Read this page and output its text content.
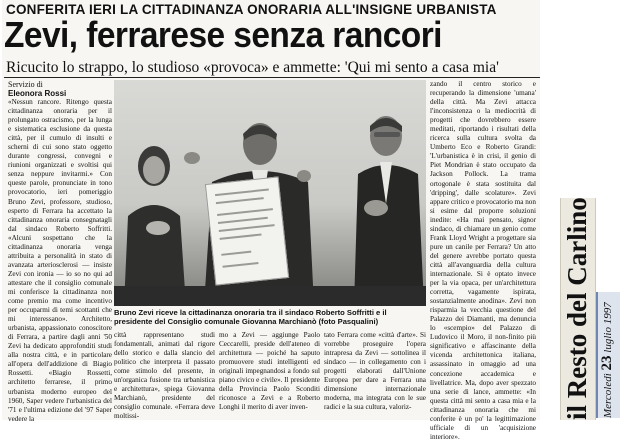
CONFERITA IERI LA CITTADINANZA ONORARIA ALL'INSIGNE URBANISTA
Zevi, ferrarese senza rancori
Ricucito lo strappo, lo studioso «provoca» e ammette: 'Qui mi sento a casa mia'
Servizio di
Eleonora Rossi
«Nessun rancore. Ritengo questa cittadinanza onoraria per il prolungato ostracismo, per la lunga e sistematica esclusione da questa città, per il cumulo di insulti e scherni di cui sono stato oggetto durante congressi, convegni e riunioni organizzati e svoltisi qui senza neppure invitarmi.» Con queste parole, pronunciate in tono provocatorio, ieri pomeriggio Bruno Zevi, professore, studioso, esperto di Ferrara ha accettato la cittadinanza onoraria consegnatagli dal sindaco Roberto Soffritti. «Alcuni sospettano che la cittadinanza onoraria venga attribuita a personalità in stato di avanzata arteriosclerosi — insiste Zevi con ironia — io so no qui ad attestare che il consiglio comunale mi conferisce la cittadinanza non come premio ma come incentivo per occuparmi di temi scottanti che mi interessano». Architetto, urbanista, appassionato conoscitore di Ferrara, a partire dagli anni '50 Zevi ha dedicato approfonditi studi alla nostra città, e in particolare all'opera dell'addizione di Biagio Rossetti. «Biagio Rossetti, architetto ferrarese, il primo urbanista moderno europeo del 1960, Saper vedere l'urbanistica del '71 e l'ultima edizione del '97 Saper vedere la
Bruno Zevi riceve la cittadinanza onoraria tra il sindaco Roberto Soffritti e il presidente del Consiglio comunale Giovanna Marchianò (foto Pasqualini)
città rappresentano studi fondamentali, animati dal rigore dello storico e dalla slancio del politico che interpreta il passato come stimolo del presente, in un'organica fusione tra urbanistica e architettura», spiega Giovanna Marchianò, presidente del consiglio comunale. «Ferrara deve moltissi-
mo a Zevi — aggiunge Paolo Ceccarelli, preside dell'ateneo di architettura — poiché ha saputo promuovere studi intelligenti ed originali impegnandosi a fondo sul piano civico e civile». Il presidente della Provincia Paolo Sconditi riconosce a Zevi e a Roberto Longhi il merito di aver inven-
tato Ferrara come «città d'arte». Si vorrebbe proseguire l'opera intrapresa da Zevi — sottolinea il sindaco — in collegamento con i progetti elaborati dall'Unione Europea per dare a Ferrara una dimensione internazionale moderna, ma integrata con le sue radici e la sua cultura, valoriz-
zando il centro storico e recuperando la dimensione 'umana' della città. Ma Zevi attacca l'inconsistenza o la mediocrità di progetti che dovrebbero essere meditati, riportando i risultati della ricerca sulla cultura svolta da Umberto Eco e Roberto Grandi: 'L'urbanistica è in crisi, il genio di Piet Mondrian è stato occupato da Jackson Pollock. La trama ortogonale è stata sostituita dal 'dripping', dalle scolature». Zevi appare critico e provocatorio ma non si esime dal proporre soluzioni inedite: «Ha mai pensato, signor sindaco, di chiamare un genio come Frank Lloyd Wright a progettare sia pure un canile per Ferrara? Un atto del genere avrebbe portato questa città all'avanguardia della cultura internazionale. Si è optato invece per la via opaca, per un'architettura corretta, vagamente ispirata, sostanzialmente anodina». Zevi non risparmia la vecchia questione del Palazzo dei Diamanti, ma denuncia lo «scempio» del Palazzo di Ludovico il Moro, il non-finito più significativo e affascinante della vicenda architettonica italiana, assassinato in omaggio ad una concezione accademica e livellatrice. Ma, dopo aver spezzato una serie di lance, ammette: «In questa città mi sento a casa mia e la cittadinanza onoraria che mi conferite è un po' la legittimazione ufficiale di un 'acquisizione interiore».
il Resto del Carlino Mercoledì 23 luglio 1997
